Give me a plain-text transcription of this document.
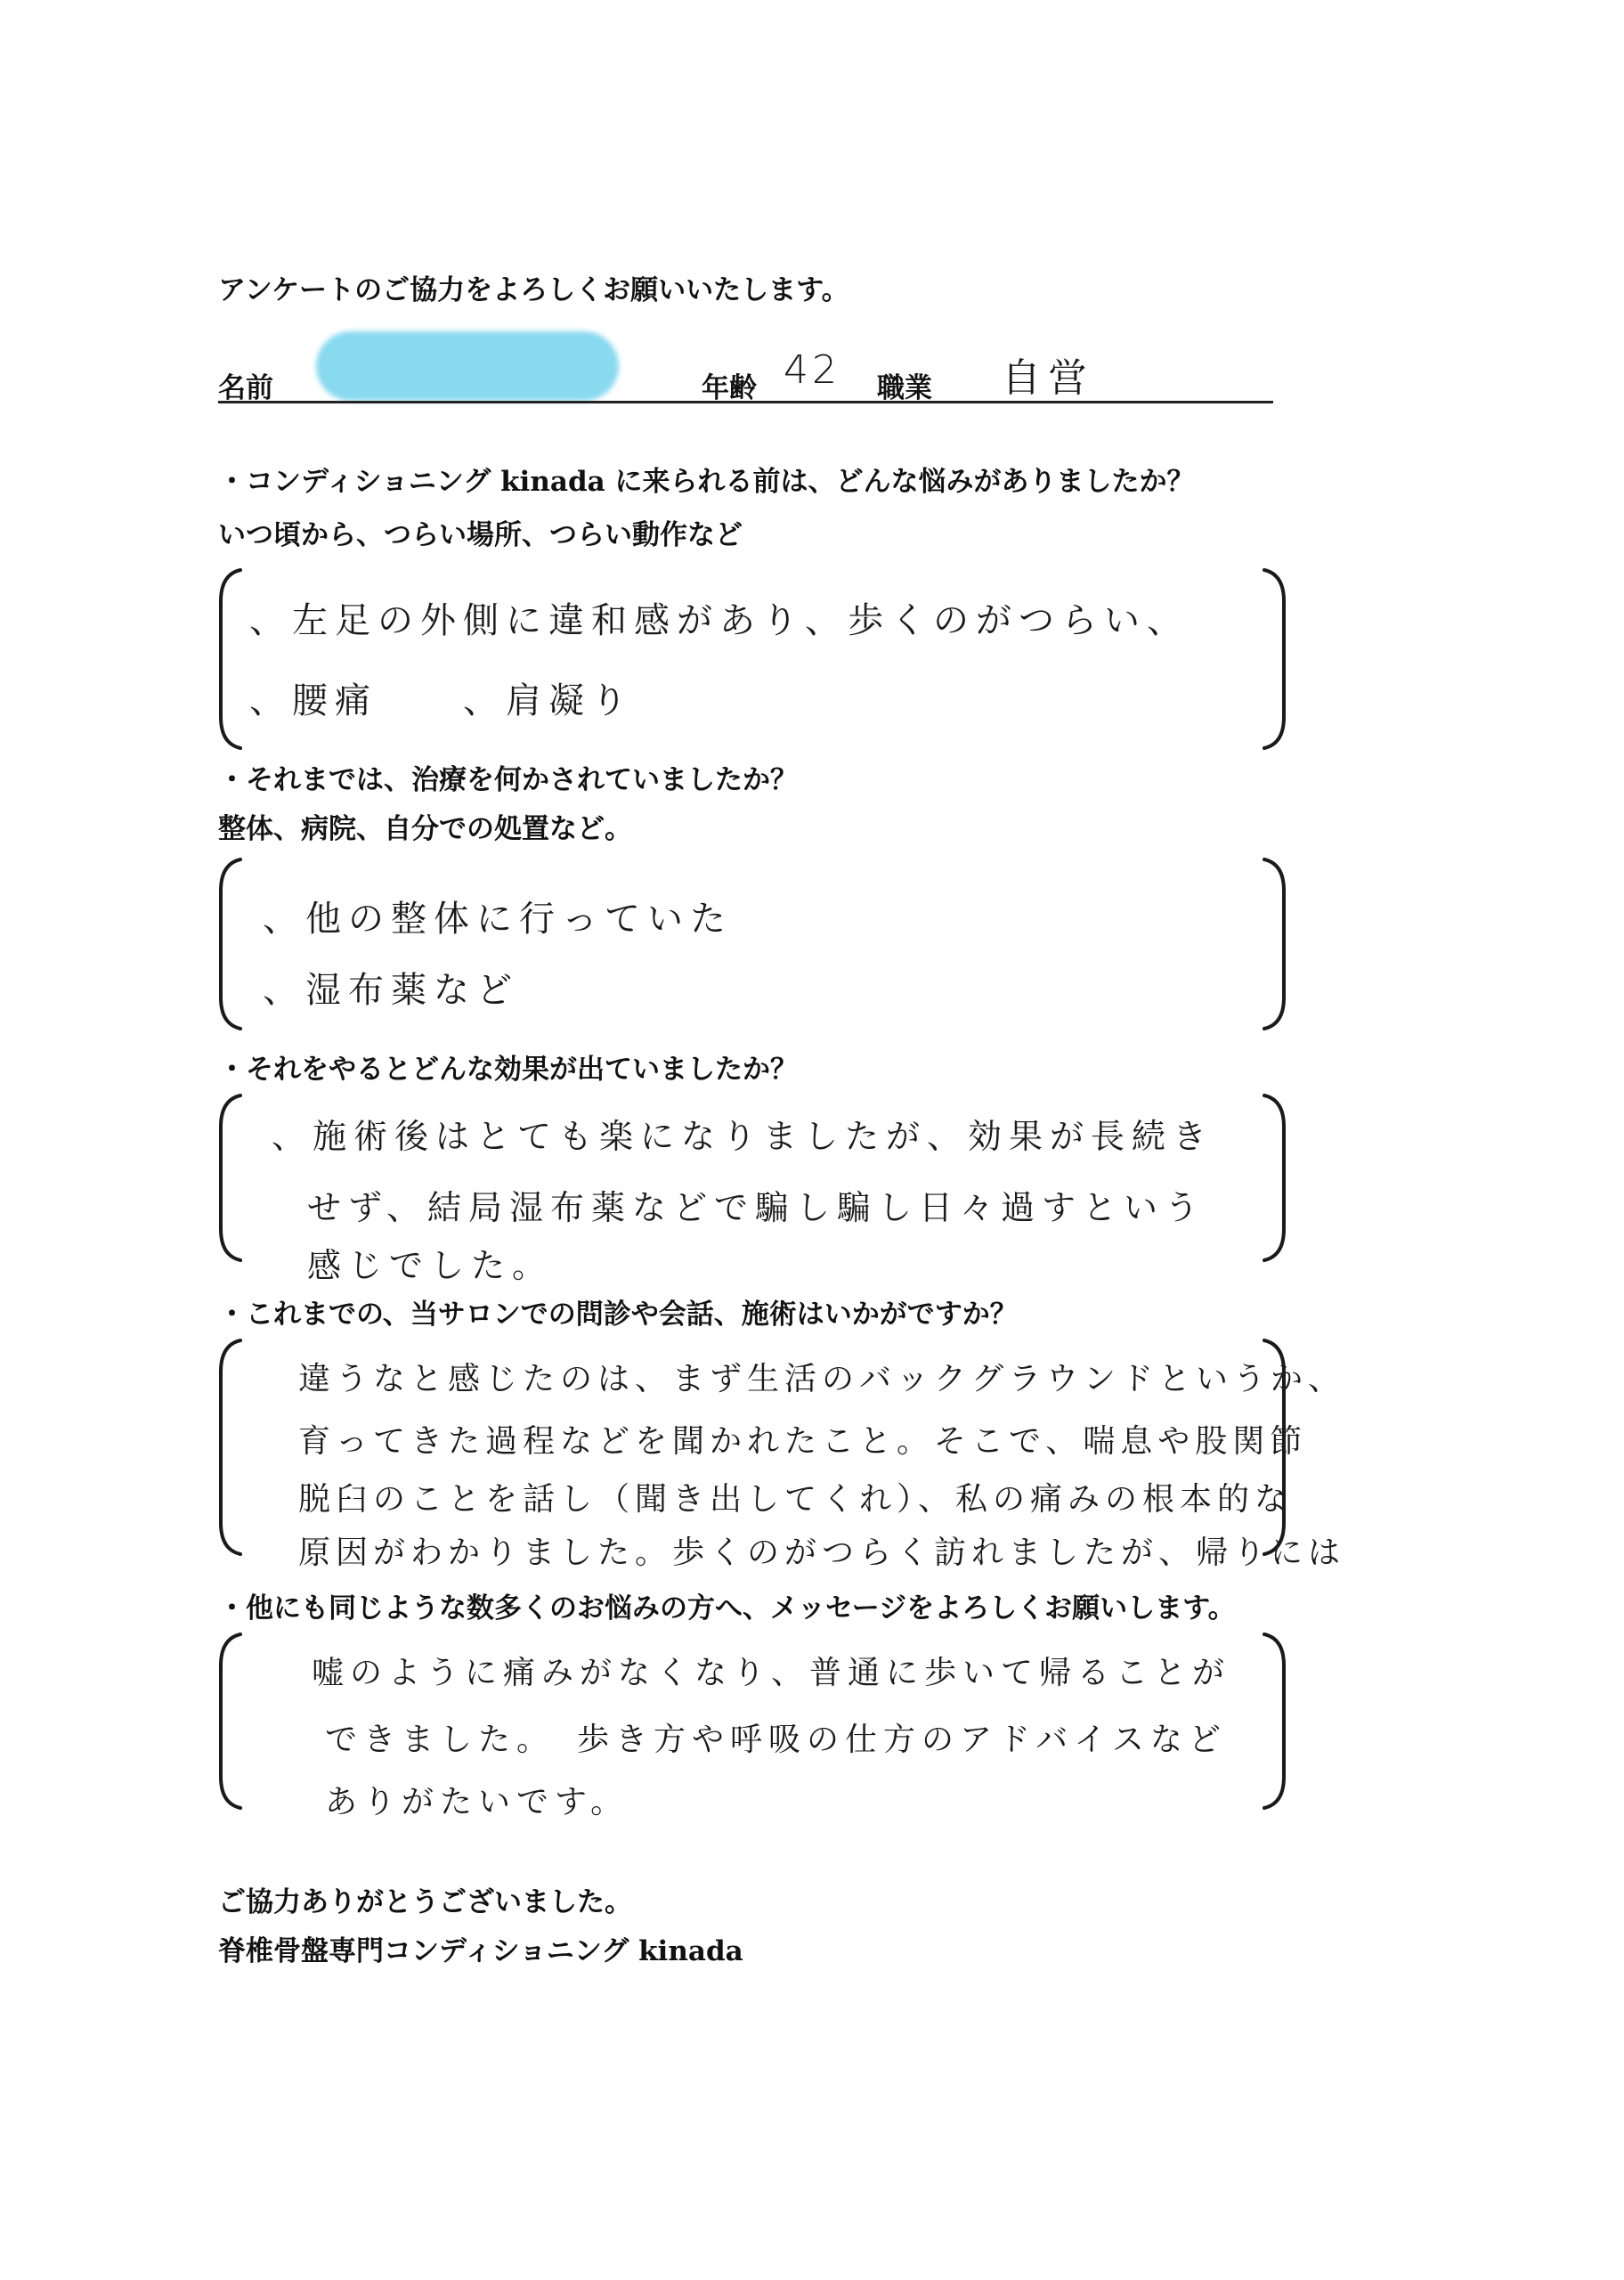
アンケートのご協力をよろしくお願いいたします。
名前	年齢 42 職業 自営
・コンディショニング kinada に来られる前は、どんな悩みがありましたか？
いつ頃から、つらい場所、つらい動作など
、左足の外側に違和感があり、歩くのがつらい、
、腰痛　　、肩凝り
・それまでは、治療を何かされていましたか？
整体、病院、自分での処置など。
、他の整体に行っていた
、湿布薬など
・それをやるとどんな効果が出ていましたか？
、施術後はとても楽になりましたが、効果が長続き
せず、結局湿布薬などで騙し騙し日々過すという
感じでした。
・これまでの、当サロンでの問診や会話、施術はいかがですか？
違うなと感じたのは、まず生活のバックグラウンドというか、
育ってきた過程などを聞かれたこと。そこで、喘息や股関節
脱臼のことを話し（聞き出してくれ）、私の痛みの根本的な
原因がわかりました。歩くのがつらく訪れましたが、帰りには
・他にも同じような数多くのお悩みの方へ、メッセージをよろしくお願いします。
嘘のように痛みがなくなり、普通に歩いて帰ることが
できました。　歩き方や呼吸の仕方のアドバイスなど
ありがたいです。
ご協力ありがとうございました。
脊椎骨盤専門コンディショニング kinada
